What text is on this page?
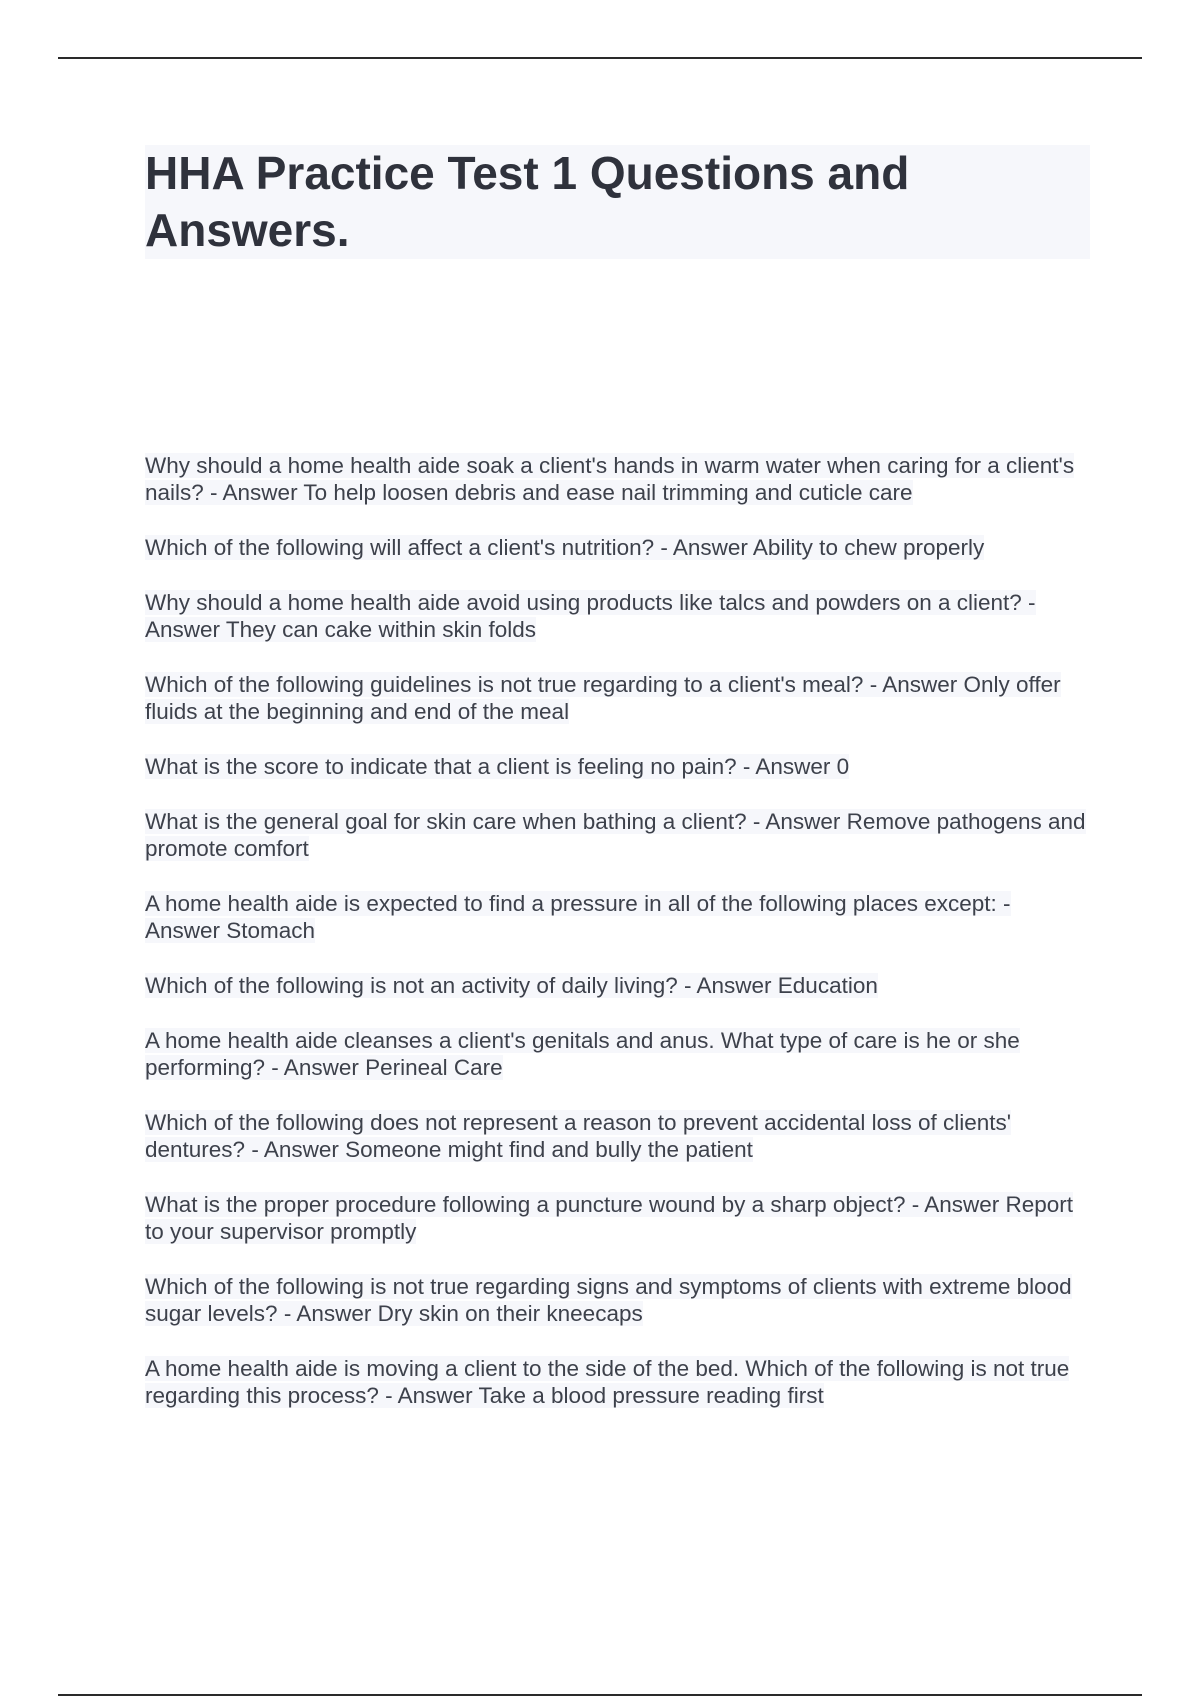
HHA Practice Test 1 Questions and Answers.
Why should a home health aide soak a client's hands in warm water when caring for a client's nails? - Answer To help loosen debris and ease nail trimming and cuticle care
Which of the following will affect a client's nutrition? - Answer Ability to chew properly
Why should a home health aide avoid using products like talcs and powders on a client? - Answer They can cake within skin folds
Which of the following guidelines is not true regarding to a client's meal? - Answer Only offer fluids at the beginning and end of the meal
What is the score to indicate that a client is feeling no pain? - Answer 0
What is the general goal for skin care when bathing a client? - Answer Remove pathogens and promote comfort
A home health aide is expected to find a pressure in all of the following places except: - Answer Stomach
Which of the following is not an activity of daily living? - Answer Education
A home health aide cleanses a client's genitals and anus. What type of care is he or she performing? - Answer Perineal Care
Which of the following does not represent a reason to prevent accidental loss of clients' dentures? - Answer Someone might find and bully the patient
What is the proper procedure following a puncture wound by a sharp object? - Answer Report to your supervisor promptly
Which of the following is not true regarding signs and symptoms of clients with extreme blood sugar levels? - Answer Dry skin on their kneecaps
A home health aide is moving a client to the side of the bed. Which of the following is not true regarding this process? - Answer Take a blood pressure reading first
